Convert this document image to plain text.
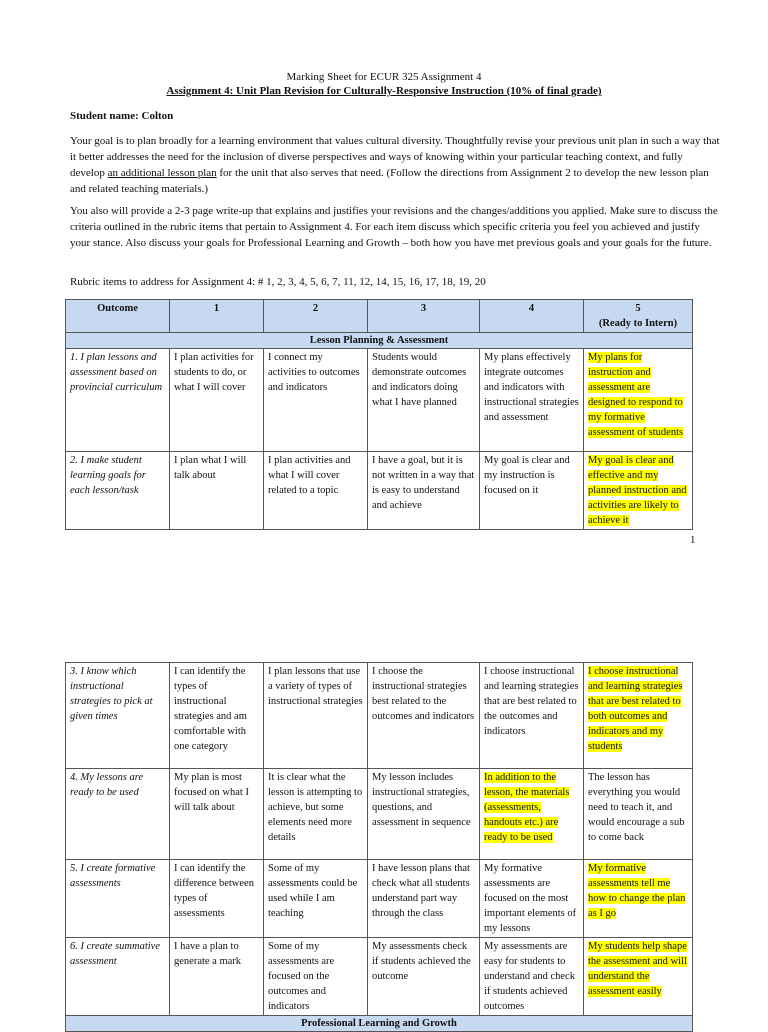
Marking Sheet for ECUR 325 Assignment 4
Assignment 4: Unit Plan Revision for Culturally-Responsive Instruction (10% of final grade)
Student name: Colton
Your goal is to plan broadly for a learning environment that values cultural diversity. Thoughtfully revise your previous unit plan in such a way that it better addresses the need for the inclusion of diverse perspectives and ways of knowing within your particular teaching context, and fully develop an additional lesson plan for the unit that also serves that need. (Follow the directions from Assignment 2 to develop the new lesson plan and related teaching materials.)
You also will provide a 2-3 page write-up that explains and justifies your revisions and the changes/additions you applied. Make sure to discuss the criteria outlined in the rubric items that pertain to Assignment 4. For each item discuss which specific criteria you feel you achieved and justify your stance. Also discuss your goals for Professional Learning and Growth – both how you have met previous goals and your goals for the future.
Rubric items to address for Assignment 4: # 1, 2, 3, 4, 5, 6, 7, 11, 12, 14, 15, 16, 17, 18, 19, 20
Outcome	1	2	3	4	5
(Ready to Intern)

Lesson Planning & Assessment					
1. I plan lessons and assessment based on provincial curriculum	I plan activities for students to do, or what I will cover	I connect my activities to outcomes and indicators	Students would demonstrate outcomes and indicators doing what I have planned	My plans effectively integrate outcomes and indicators with instructional strategies and assessment	My plans for instruction and assessment are designed to respond to my formative assessment of students
2. I make student learning goals for each lesson/task	I plan what I will talk about	I plan activities and what I will cover related to a topic	I have a goal, but it is not written in a way that is easy to understand and achieve	My goal is clear and my instruction is focused on it	My goal is clear and effective and my planned instruction and activities are likely to achieve it
1
3. I know which instructional strategies to pick at given times	I can identify the types of instructional strategies and am comfortable with one category	I plan lessons that use a variety of types of instructional strategies	I choose the instructional strategies best related to the outcomes and indicators	I choose instructional and learning strategies that are best related to the outcomes and indicators	I choose instructional and learning strategies that are best related to both outcomes and indicators and my students
4. My lessons are ready to be used	My plan is most focused on what I will talk about	It is clear what the lesson is attempting to achieve, but some elements need more details	My lesson includes instructional strategies, questions, and assessment in sequence	In addition to the lesson, the materials (assessments, handouts etc.) are ready to be used	The lesson has everything you would need to teach it, and would encourage a sub to come back
5. I create formative assessments	I can identify the difference between types of assessments	Some of my assessments could be used while I am teaching	I have lesson plans that check what all students understand part way through the class	My formative assessments are focused on the most important elements of my lessons	My formative assessments tell me how to change the plan as I go
6. I create summative assessment	I have a plan to generate a mark	Some of my assessments are focused on the outcomes and indicators	My assessments check if students achieved the outcome	My assessments are easy for students to understand and check if students achieved outcomes	My students help shape the assessment and will understand the assessment easily
Professional Learning and Growth					
